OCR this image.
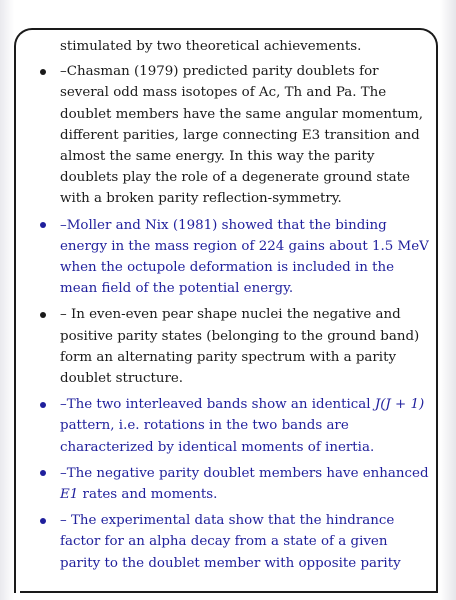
stimulated by two theoretical achievements.

–Chasman (1979) predicted parity doublets for several odd mass isotopes of Ac, Th and Pa. The doublet members have the same angular momentum, different parities, large connecting E3 transition and almost the same energy. In this way the parity doublets play the role of a degenerate ground state with a broken parity reflection-symmetry.

–Moller and Nix (1981) showed that the binding energy in the mass region of 224 gains about 1.5 MeV when the octupole deformation is included in the mean field of the potential energy.

– In even-even pear shape nuclei the negative and positive parity states (belonging to the ground band) form an alternating parity spectrum with a parity doublet structure.

–The two interleaved bands show an identical J(J + 1) pattern, i.e. rotations in the two bands are characterized by identical moments of inertia.

–The negative parity doublet members have enhanced E1 rates and moments.

– The experimental data show that the hindrance factor for an alpha decay from a state of a given parity to the doublet member with opposite parity
